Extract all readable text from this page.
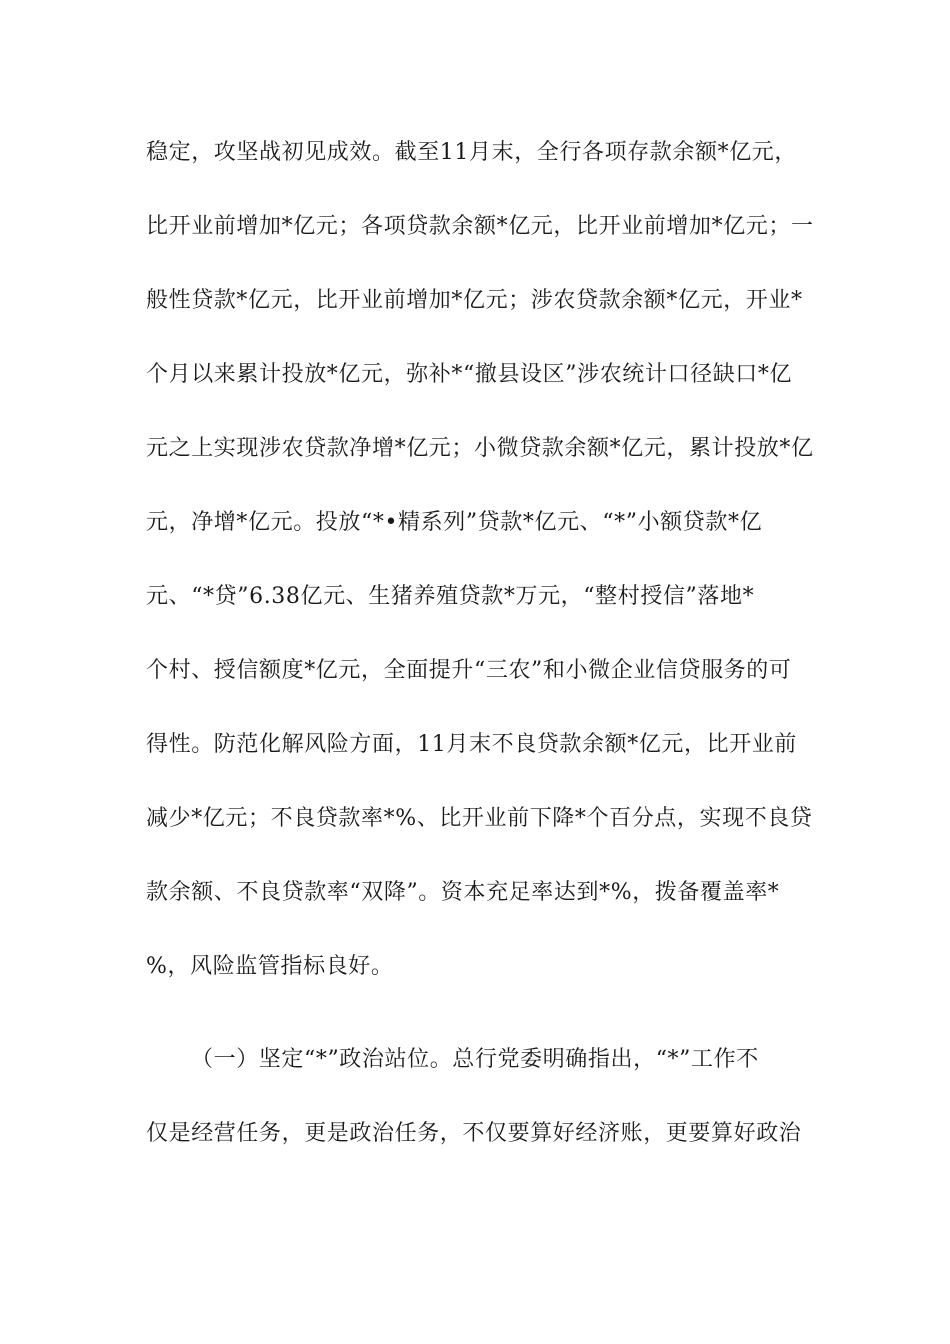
稳定，攻坚战初见成效。截至11月末，全行各项存款余额*亿元，
比开业前增加*亿元；各项贷款余额*亿元，比开业前增加*亿元；一
般性贷款*亿元，比开业前增加*亿元；涉农贷款余额*亿元，开业*
个月以来累计投放*亿元，弥补*“撤县设区”涉农统计口径缺口*亿
元之上实现涉农贷款净增*亿元；小微贷款余额*亿元，累计投放*亿
元，净增*亿元。投放“*•精系列”贷款*亿元、“*”小额贷款*亿
元、“*贷”6.38亿元、生猪养殖贷款*万元，“整村授信”落地*
个村、授信额度*亿元，全面提升“三农”和小微企业信贷服务的可
得性。防范化解风险方面，11月末不良贷款余额*亿元，比开业前
减少*亿元；不良贷款率*%、比开业前下降*个百分点，实现不良贷
款余额、不良贷款率“双降”。资本充足率达到*%，拨备覆盖率*
%，风险监管指标良好。
（一）坚定“*”政治站位。总行党委明确指出，“*”工作不
仅是经营任务，更是政治任务，不仅要算好经济账，更要算好政治
